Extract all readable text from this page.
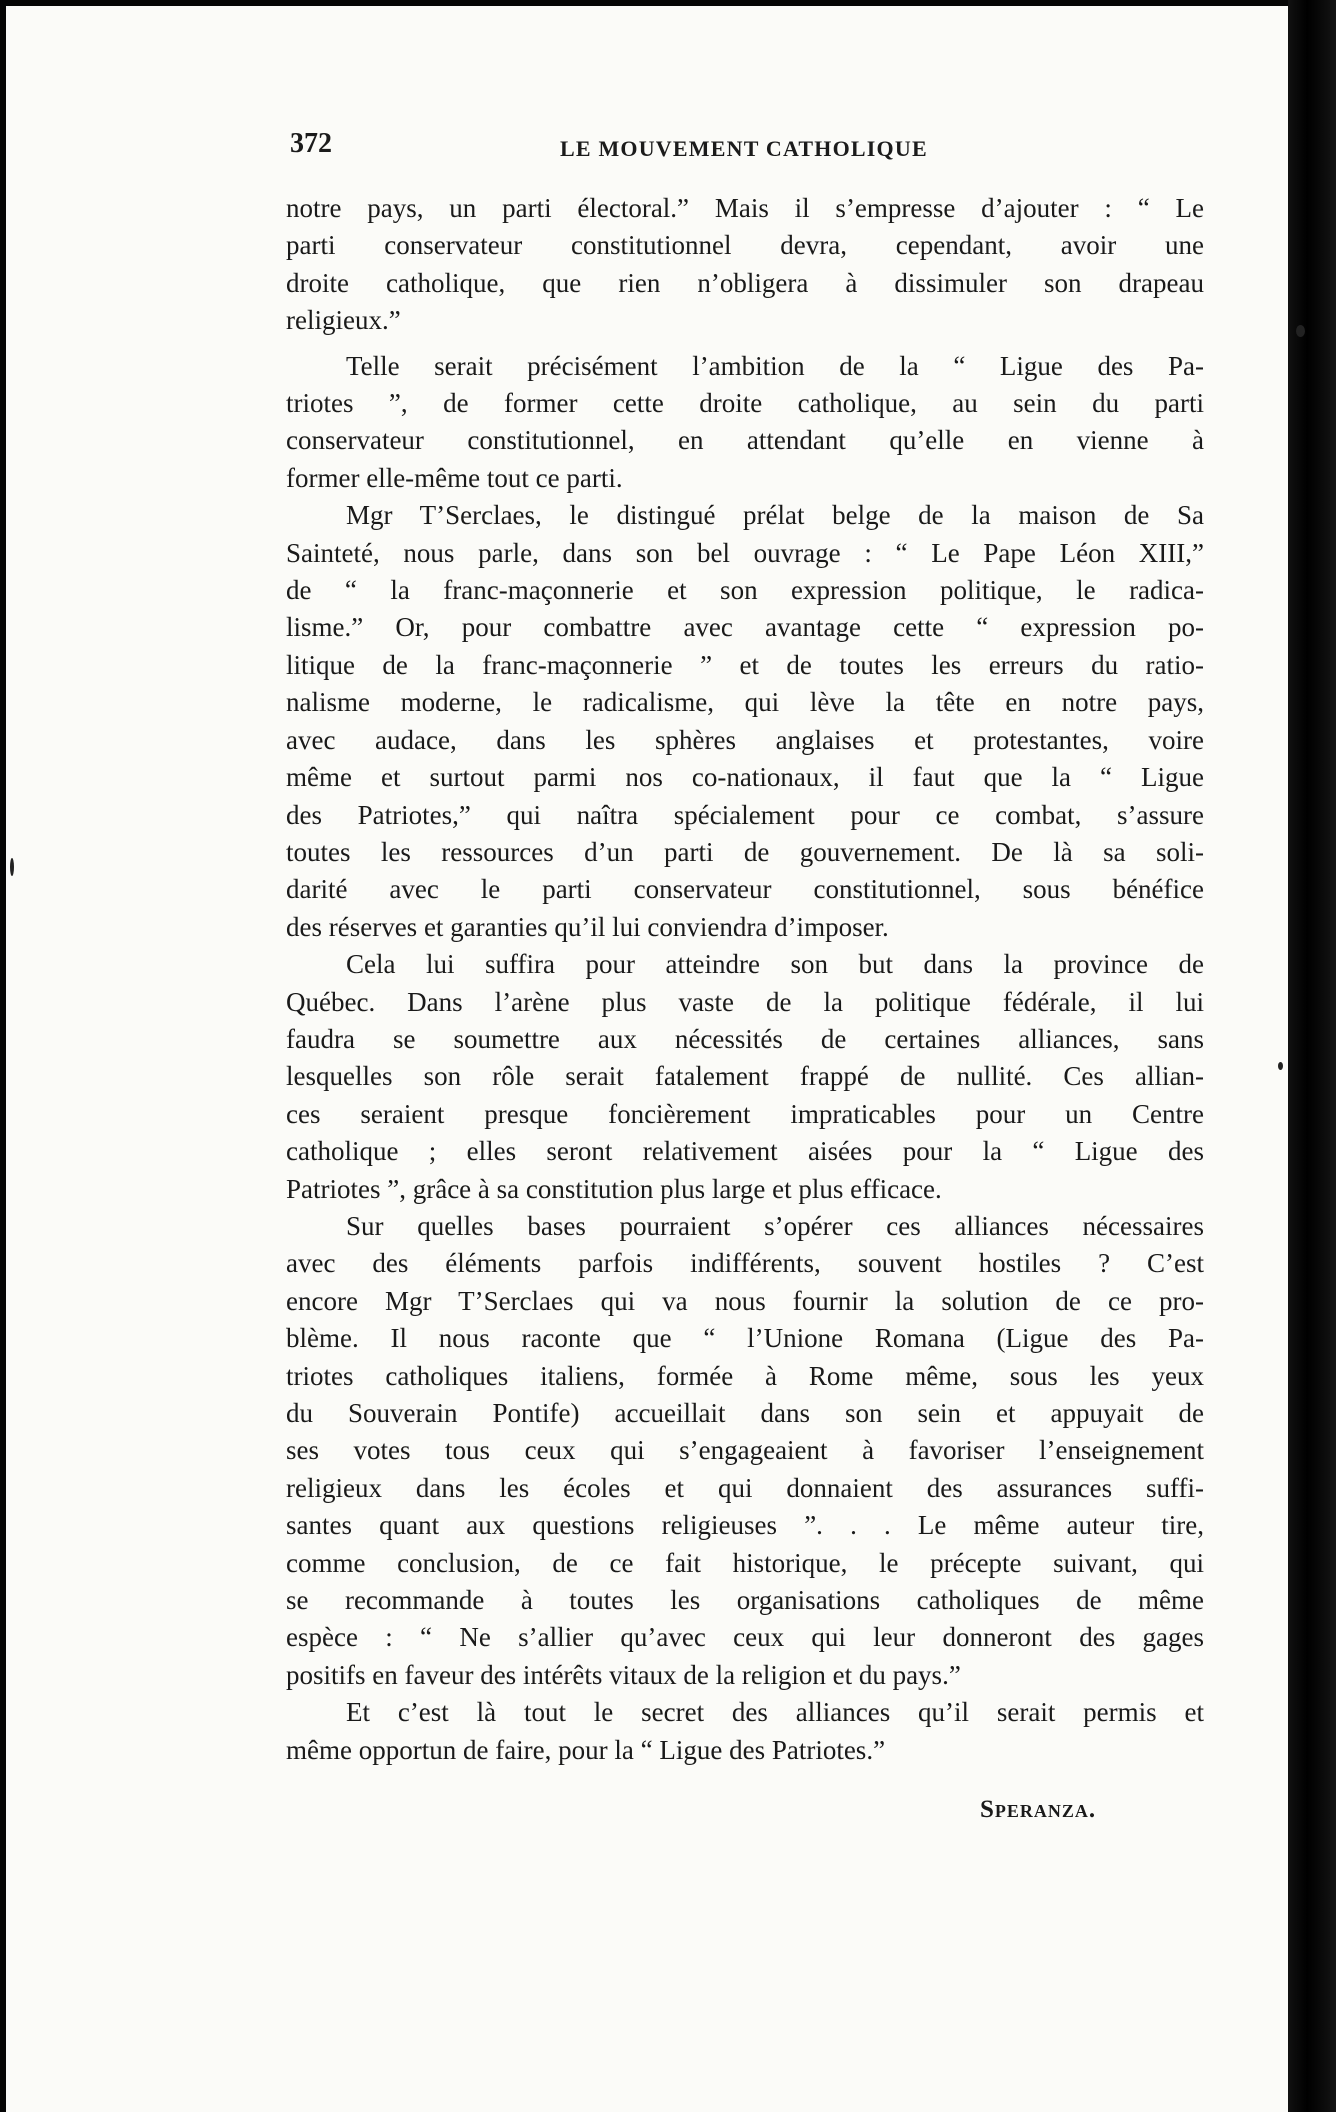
372	LE MOUVEMENT CATHOLIQUE
notre pays, un parti électoral.” Mais il s’empresse d’ajouter : “ Le
parti conservateur constitutionnel devra, cependant, avoir une
droite catholique, que rien n’obligera à dissimuler son drapeau
religieux.”
Telle serait précisément l’ambition de la “ Ligue des Pa-
triotes ”, de former cette droite catholique, au sein du parti
conservateur constitutionnel, en attendant qu’elle en vienne à
former elle-même tout ce parti.
Mgr T’Serclaes, le distingué prélat belge de la maison de Sa
Sainteté, nous parle, dans son bel ouvrage : “ Le Pape Léon XIII,”
de “ la franc-maçonnerie et son expression politique, le radica-
lisme.” Or, pour combattre avec avantage cette “ expression po-
litique de la franc-maçonnerie ” et de toutes les erreurs du ratio-
nalisme moderne, le radicalisme, qui lève la tête en notre pays,
avec audace, dans les sphères anglaises et protestantes, voire
même et surtout parmi nos co-nationaux, il faut que la “ Ligue
des Patriotes,” qui naîtra spécialement pour ce combat, s’assure
toutes les ressources d’un parti de gouvernement. De là sa soli-
darité avec le parti conservateur constitutionnel, sous bénéfice
des réserves et garanties qu’il lui conviendra d’imposer.
Cela lui suffira pour atteindre son but dans la province de
Québec. Dans l’arène plus vaste de la politique fédérale, il lui
faudra se soumettre aux nécessités de certaines alliances, sans
lesquelles son rôle serait fatalement frappé de nullité. Ces allian-
ces seraient presque foncièrement impraticables pour un Centre
catholique ; elles seront relativement aisées pour la “ Ligue des
Patriotes ”, grâce à sa constitution plus large et plus efficace.
Sur quelles bases pourraient s’opérer ces alliances nécessaires
avec des éléments parfois indifférents, souvent hostiles ? C’est
encore Mgr T’Serclaes qui va nous fournir la solution de ce pro-
blème. Il nous raconte que “ l’Unione Romana (Ligue des Pa-
triotes catholiques italiens, formée à Rome même, sous les yeux
du Souverain Pontife) accueillait dans son sein et appuyait de
ses votes tous ceux qui s’engageaient à favoriser l’enseignement
religieux dans les écoles et qui donnaient des assurances suffi-
santes quant aux questions religieuses ”. . . Le même auteur tire,
comme conclusion, de ce fait historique, le précepte suivant, qui
se recommande à toutes les organisations catholiques de même
espèce : “ Ne s’allier qu’avec ceux qui leur donneront des gages
positifs en faveur des intérêts vitaux de la religion et du pays.”
Et c’est là tout le secret des alliances qu’il serait permis et
même opportun de faire, pour la “ Ligue des Patriotes.”
Speranza.
